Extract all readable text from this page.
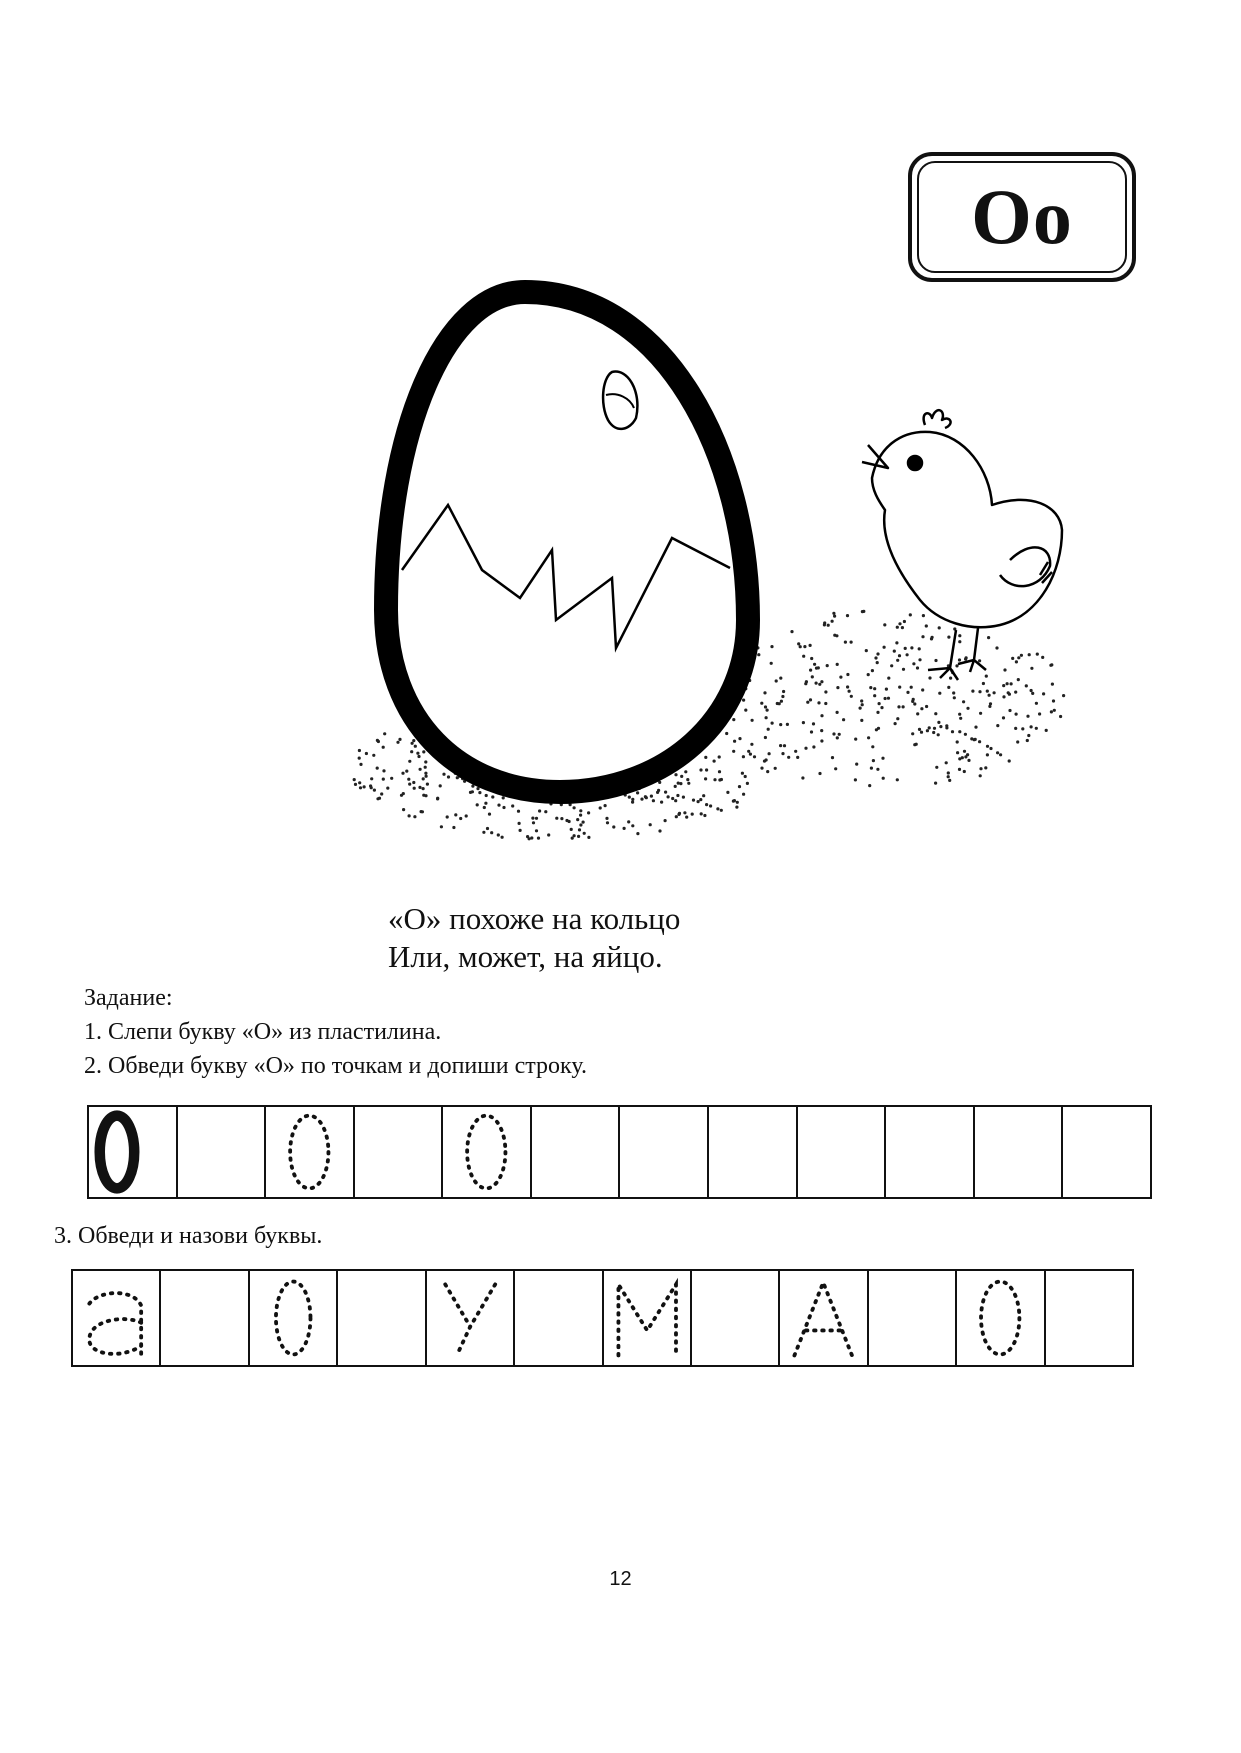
Оо
«О» похоже на кольцо
Или, может, на яйцо.
Задание:
1. Слепи букву «О» из пластилина.
2. Обведи букву «О» по точкам и допиши строку.
3. Обведи и назови буквы.
12
